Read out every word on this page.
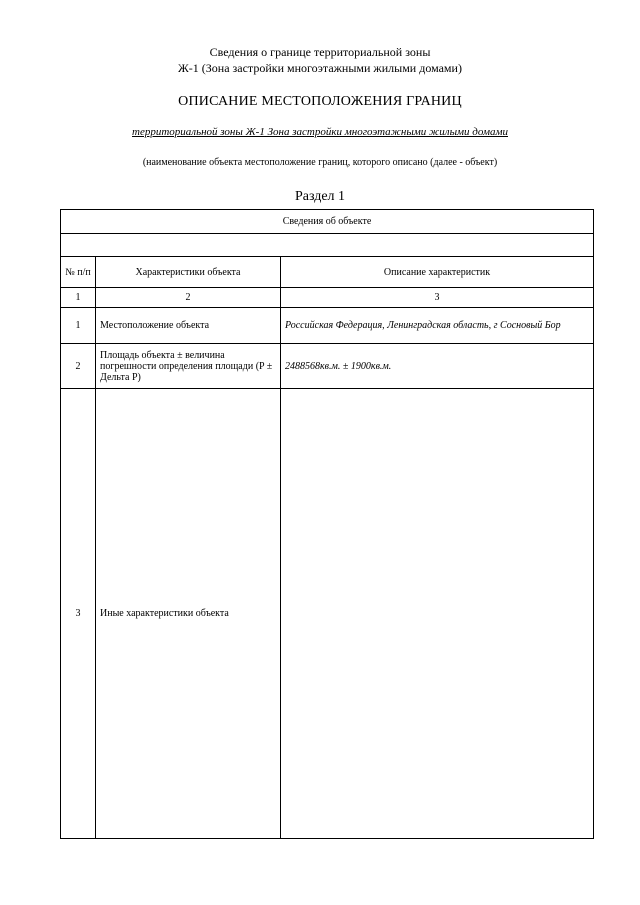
Сведения о границе территориальной зоны
Ж-1 (Зона застройки многоэтажными жилыми домами)
ОПИСАНИЕ МЕСТОПОЛОЖЕНИЯ ГРАНИЦ
территориальной зоны Ж-1 Зона застройки многоэтажными жилыми домами
(наименование объекта местоположение границ, которого описано (далее - объект)
Раздел 1
Сведения об объекте		

№ п/п	Характеристики объекта	Описание характеристик
1	2	3
1	Местоположение объекта	Российская Федерация, Ленинградская область, г Сосновый Бор
2	Площадь объекта ± величина погрешности определения площади (P ± Дельта P)	2488568кв.м. ± 1900кв.м.
3	Иные характеристики объекта	
